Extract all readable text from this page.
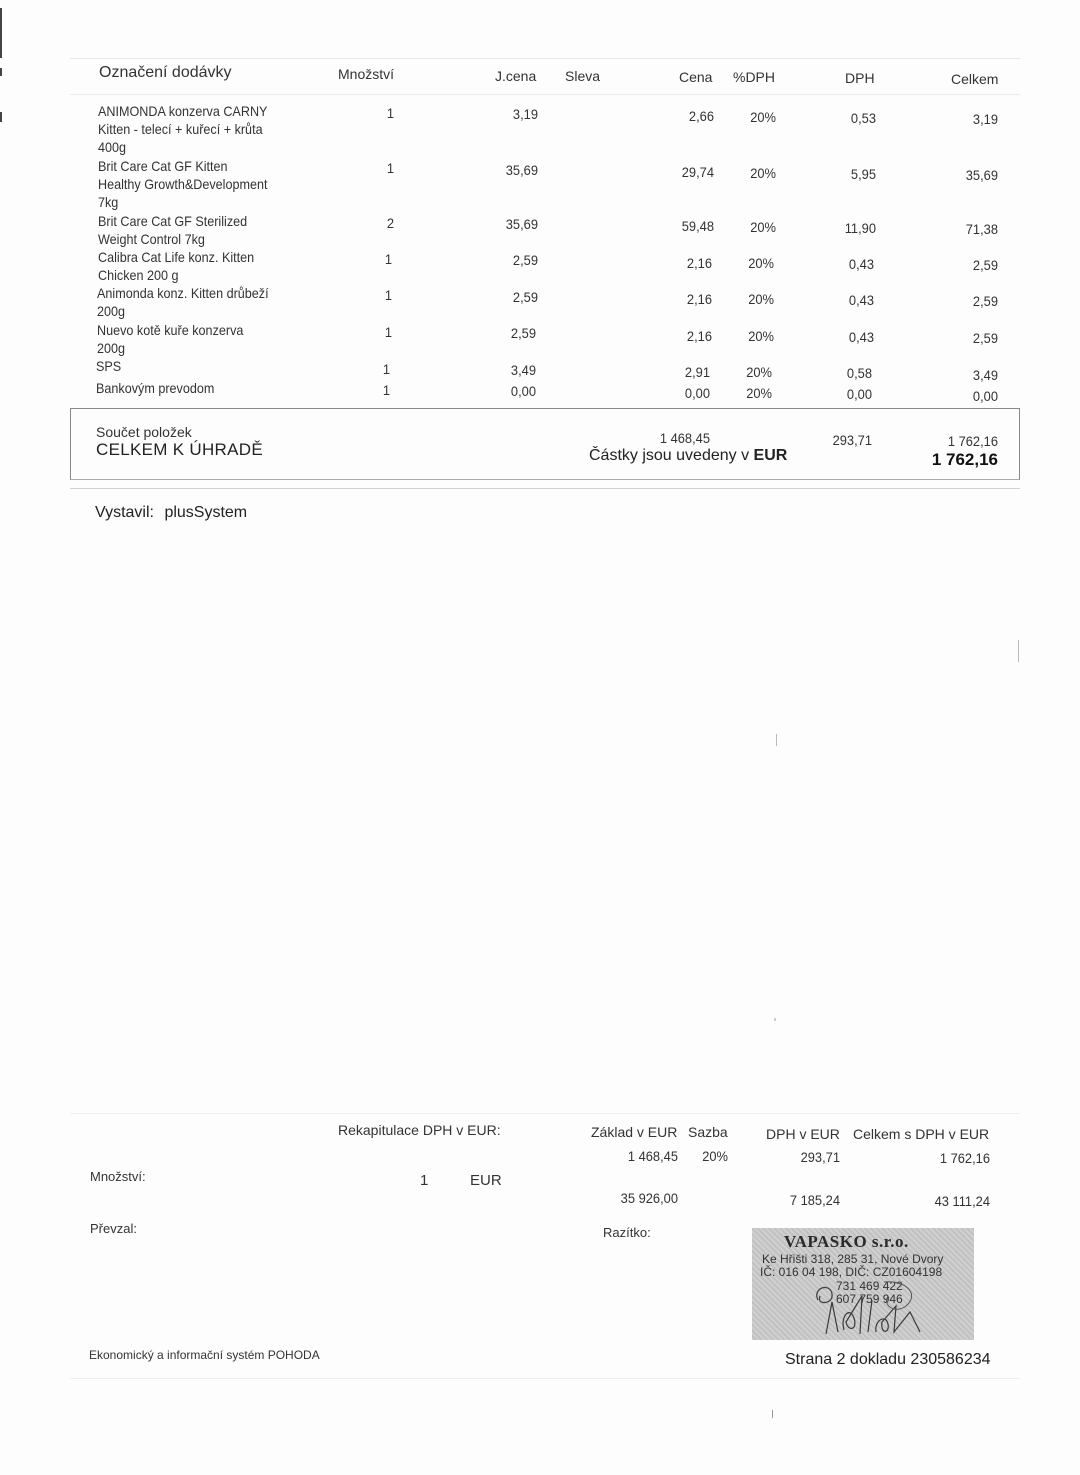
Označení dodávky	Množství	J.cena Sleva	Cena %DPH	DPH	Celkem
ANIMONDA konzerva CARNY
Kitten - telecí + kuřecí + krůta
400g
1	3,19	2,66	20%	0,53	3,19
Brit Care Cat GF Kitten
Healthy Growth&Development
7kg
1	35,69	29,74	20%	5,95	35,69
Brit Care Cat GF Sterilized
Weight Control 7kg
2	35,69	59,48	20%	11,90	71,38
Calibra Cat Life konz. Kitten
Chicken 200 g
1	2,59	2,16	20%	0,43	2,59
Animonda konz. Kitten drůbeží
200g
1	2,59	2,16	20%	0,43	2,59
Nuevo kotě kuře konzerva
200g
1	2,59	2,16	20%	0,43	2,59
SPS	1	3,49	2,91	20%	0,58	3,49
Bankovým prevodom	1	0,00	0,00	20%	0,00	0,00
Součet položek
CELKEM K ÚHRADĚ
1 468,45	293,71	1 762,16
1 762,16
Částky jsou uvedeny v EUR
Vystavil: plusSystem
Rekapitulace DPH v EUR:	Základ v EUR Sazba	DPH v EUR Celkem s DPH v EUR
1 468,45	20%	293,71	1 762,16
35 926,00	7 185,24	43 111,24
Množství:	1	EUR
Převzal:	Razítko:	VAPASKO s.r.o.
Ke Hřišti 318, 285 31, Nové Dvory
IČ: 016 04 198, DIČ: CZ01604198
731 469 422
607 759 946
Ekonomický a informační systém POHODA	Strana 2 dokladu 230586234
